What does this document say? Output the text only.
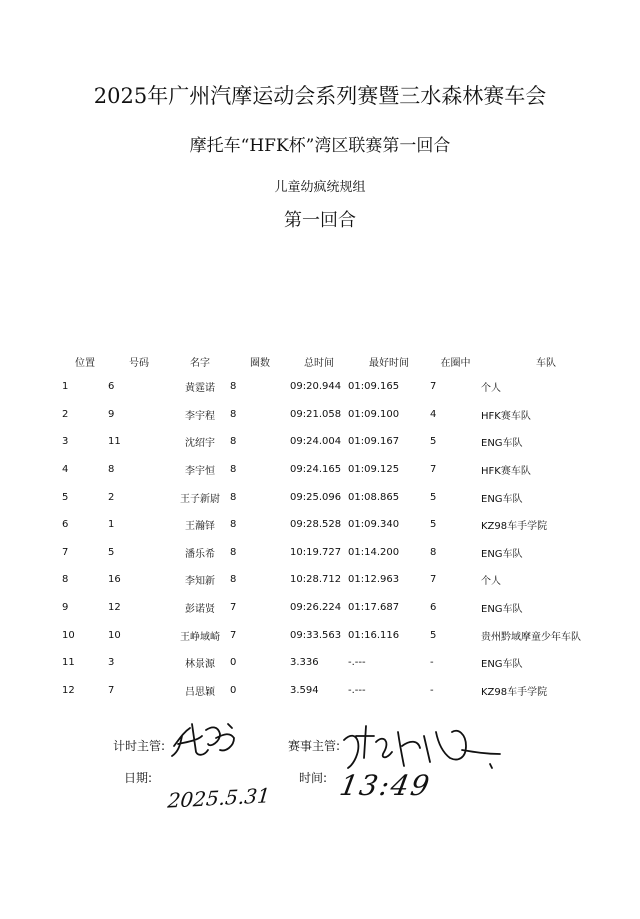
2025年广州汽摩运动会系列赛暨三水森林赛车会
摩托车“HFK杯”湾区联赛第一回合
儿童幼疯统规组
第一回合
位置	号码	名字	圈数	总时间	最好时间	在圈中	车队
1	6	黄霆诺	8	09:20.944	01:09.165	7	个人
2	9	李宇程	8	09:21.058	01:09.100	4	HFK赛车队
3	11	沈绍宇	8	09:24.004	01:09.167	5	ENG车队
4	8	李宇恒	8	09:24.165	01:09.125	7	HFK赛车队
5	2	王子新尉	8	09:25.096	01:08.865	5	ENG车队
6	1	王瀚铎	8	09:28.528	01:09.340	5	KZ98车手学院
7	5	潘乐希	8	10:19.727	01:14.200	8	ENG车队
8	16	李知新	8	10:28.712	01:12.963	7	个人
9	12	彭诺贤	7	09:26.224	01:17.687	6	ENG车队
10	10	王峥域崎	7	09:33.563	01:16.116	5	贵州黔域摩童少年车队
11	3	林景源	0	3.336	-.---	-	ENG车队
12	7	吕思颖	0	3.594	-.---	-	KZ98车手学院
计时主管:	赛事主管:
日期:	时间:
2025.5.31 13:49
